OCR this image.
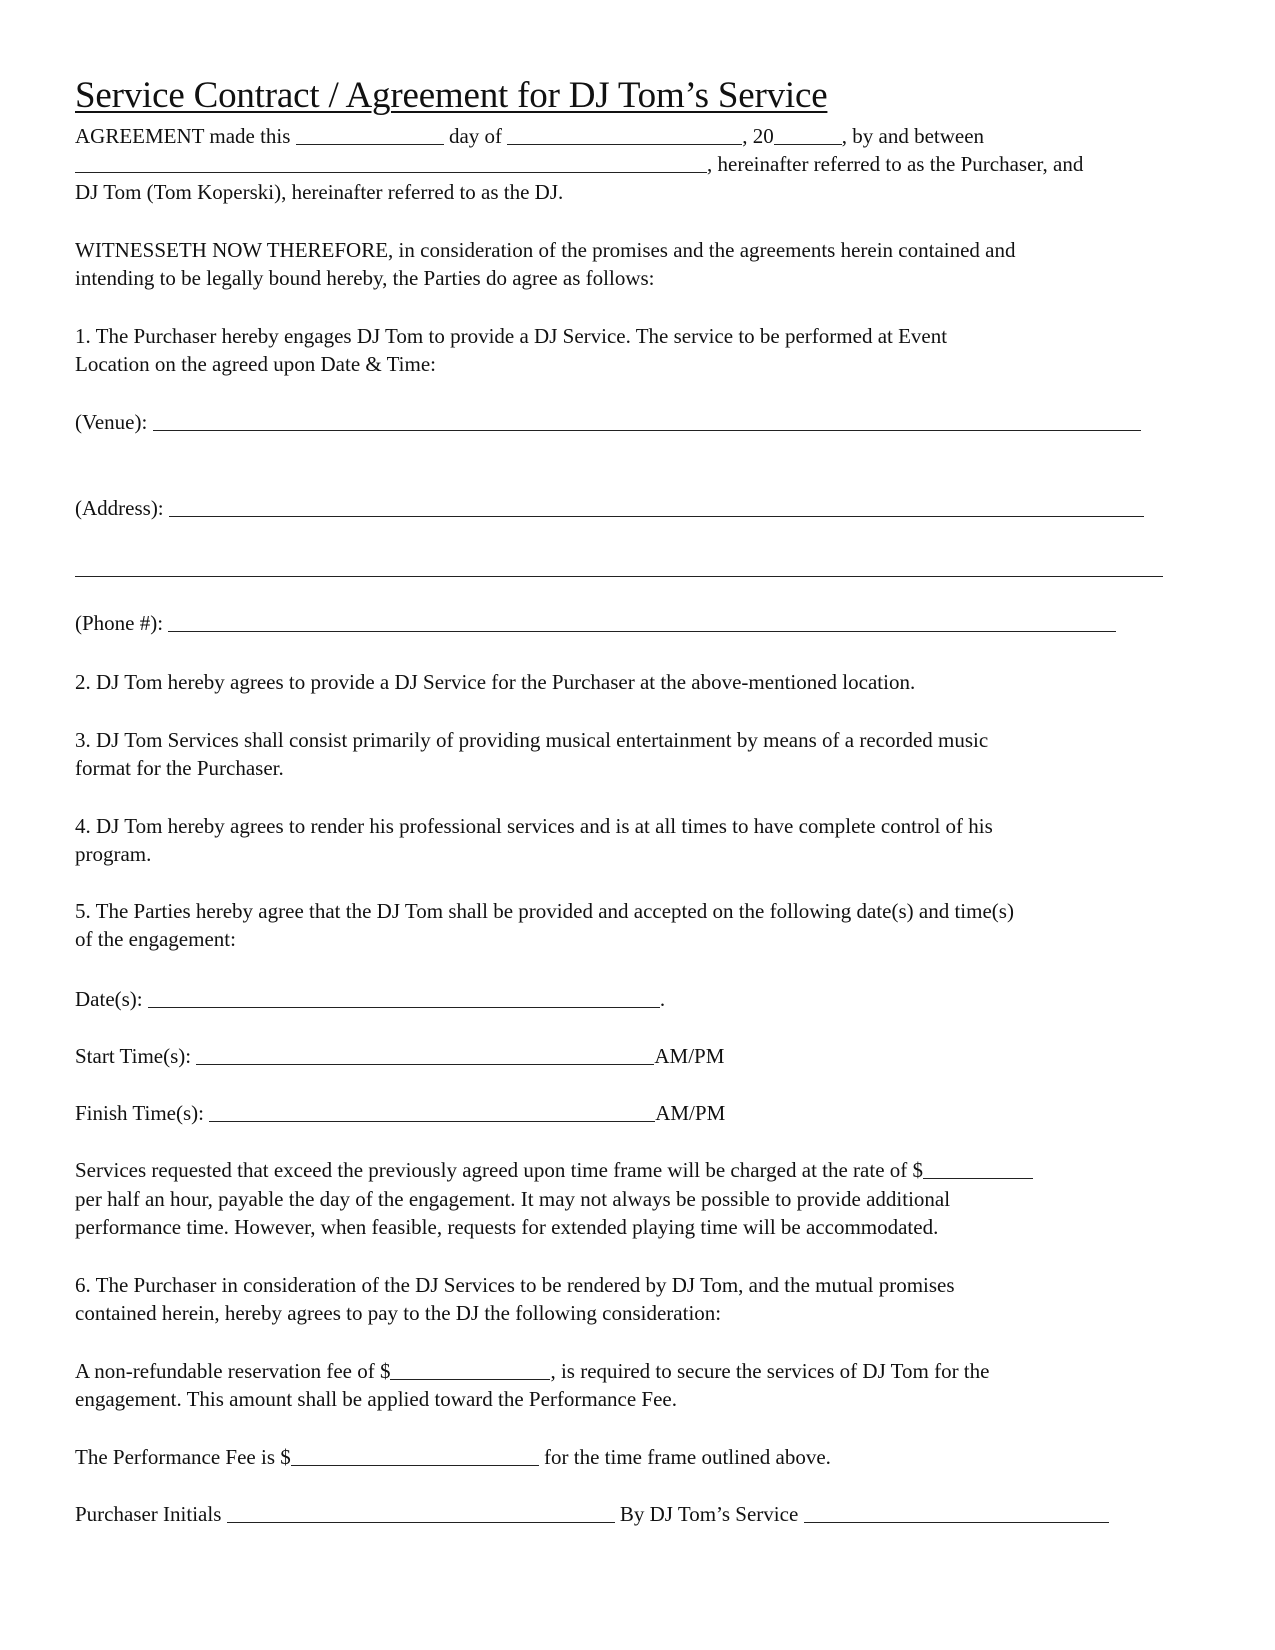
Service Contract / Agreement for DJ Tom’s Service
AGREEMENT made this	day of	, 20	, by and between
, hereinafter referred to as the Purchaser, and
DJ Tom (Tom Koperski), hereinafter referred to as the DJ.
WITNESSETH NOW THEREFORE, in consideration of the promises and the agreements herein contained and
intending to be legally bound hereby, the Parties do agree as follows:
1. The Purchaser hereby engages DJ Tom to provide a DJ Service. The service to be performed at Event
Location on the agreed upon Date & Time:
(Venue):
(Address):
(Phone #):
2. DJ Tom hereby agrees to provide a DJ Service for the Purchaser at the above-mentioned location.
3. DJ Tom Services shall consist primarily of providing musical entertainment by means of a recorded music
format for the Purchaser.
4. DJ Tom hereby agrees to render his professional services and is at all times to have complete control of his
program.
5. The Parties hereby agree that the DJ Tom shall be provided and accepted on the following date(s) and time(s)
of the engagement:
Date(s):	.
Start Time(s):	AM/PM
Finish Time(s):	AM/PM
Services requested that exceed the previously agreed upon time frame will be charged at the rate of $
per half an hour, payable the day of the engagement. It may not always be possible to provide additional
performance time. However, when feasible, requests for extended playing time will be accommodated.
6. The Purchaser in consideration of the DJ Services to be rendered by DJ Tom, and the mutual promises
contained herein, hereby agrees to pay to the DJ the following consideration:
A non-refundable reservation fee of $	, is required to secure the services of DJ Tom for the
engagement. This amount shall be applied toward the Performance Fee.
The Performance Fee is $	for the time frame outlined above.
Purchaser Initials	By DJ Tom’s Service
